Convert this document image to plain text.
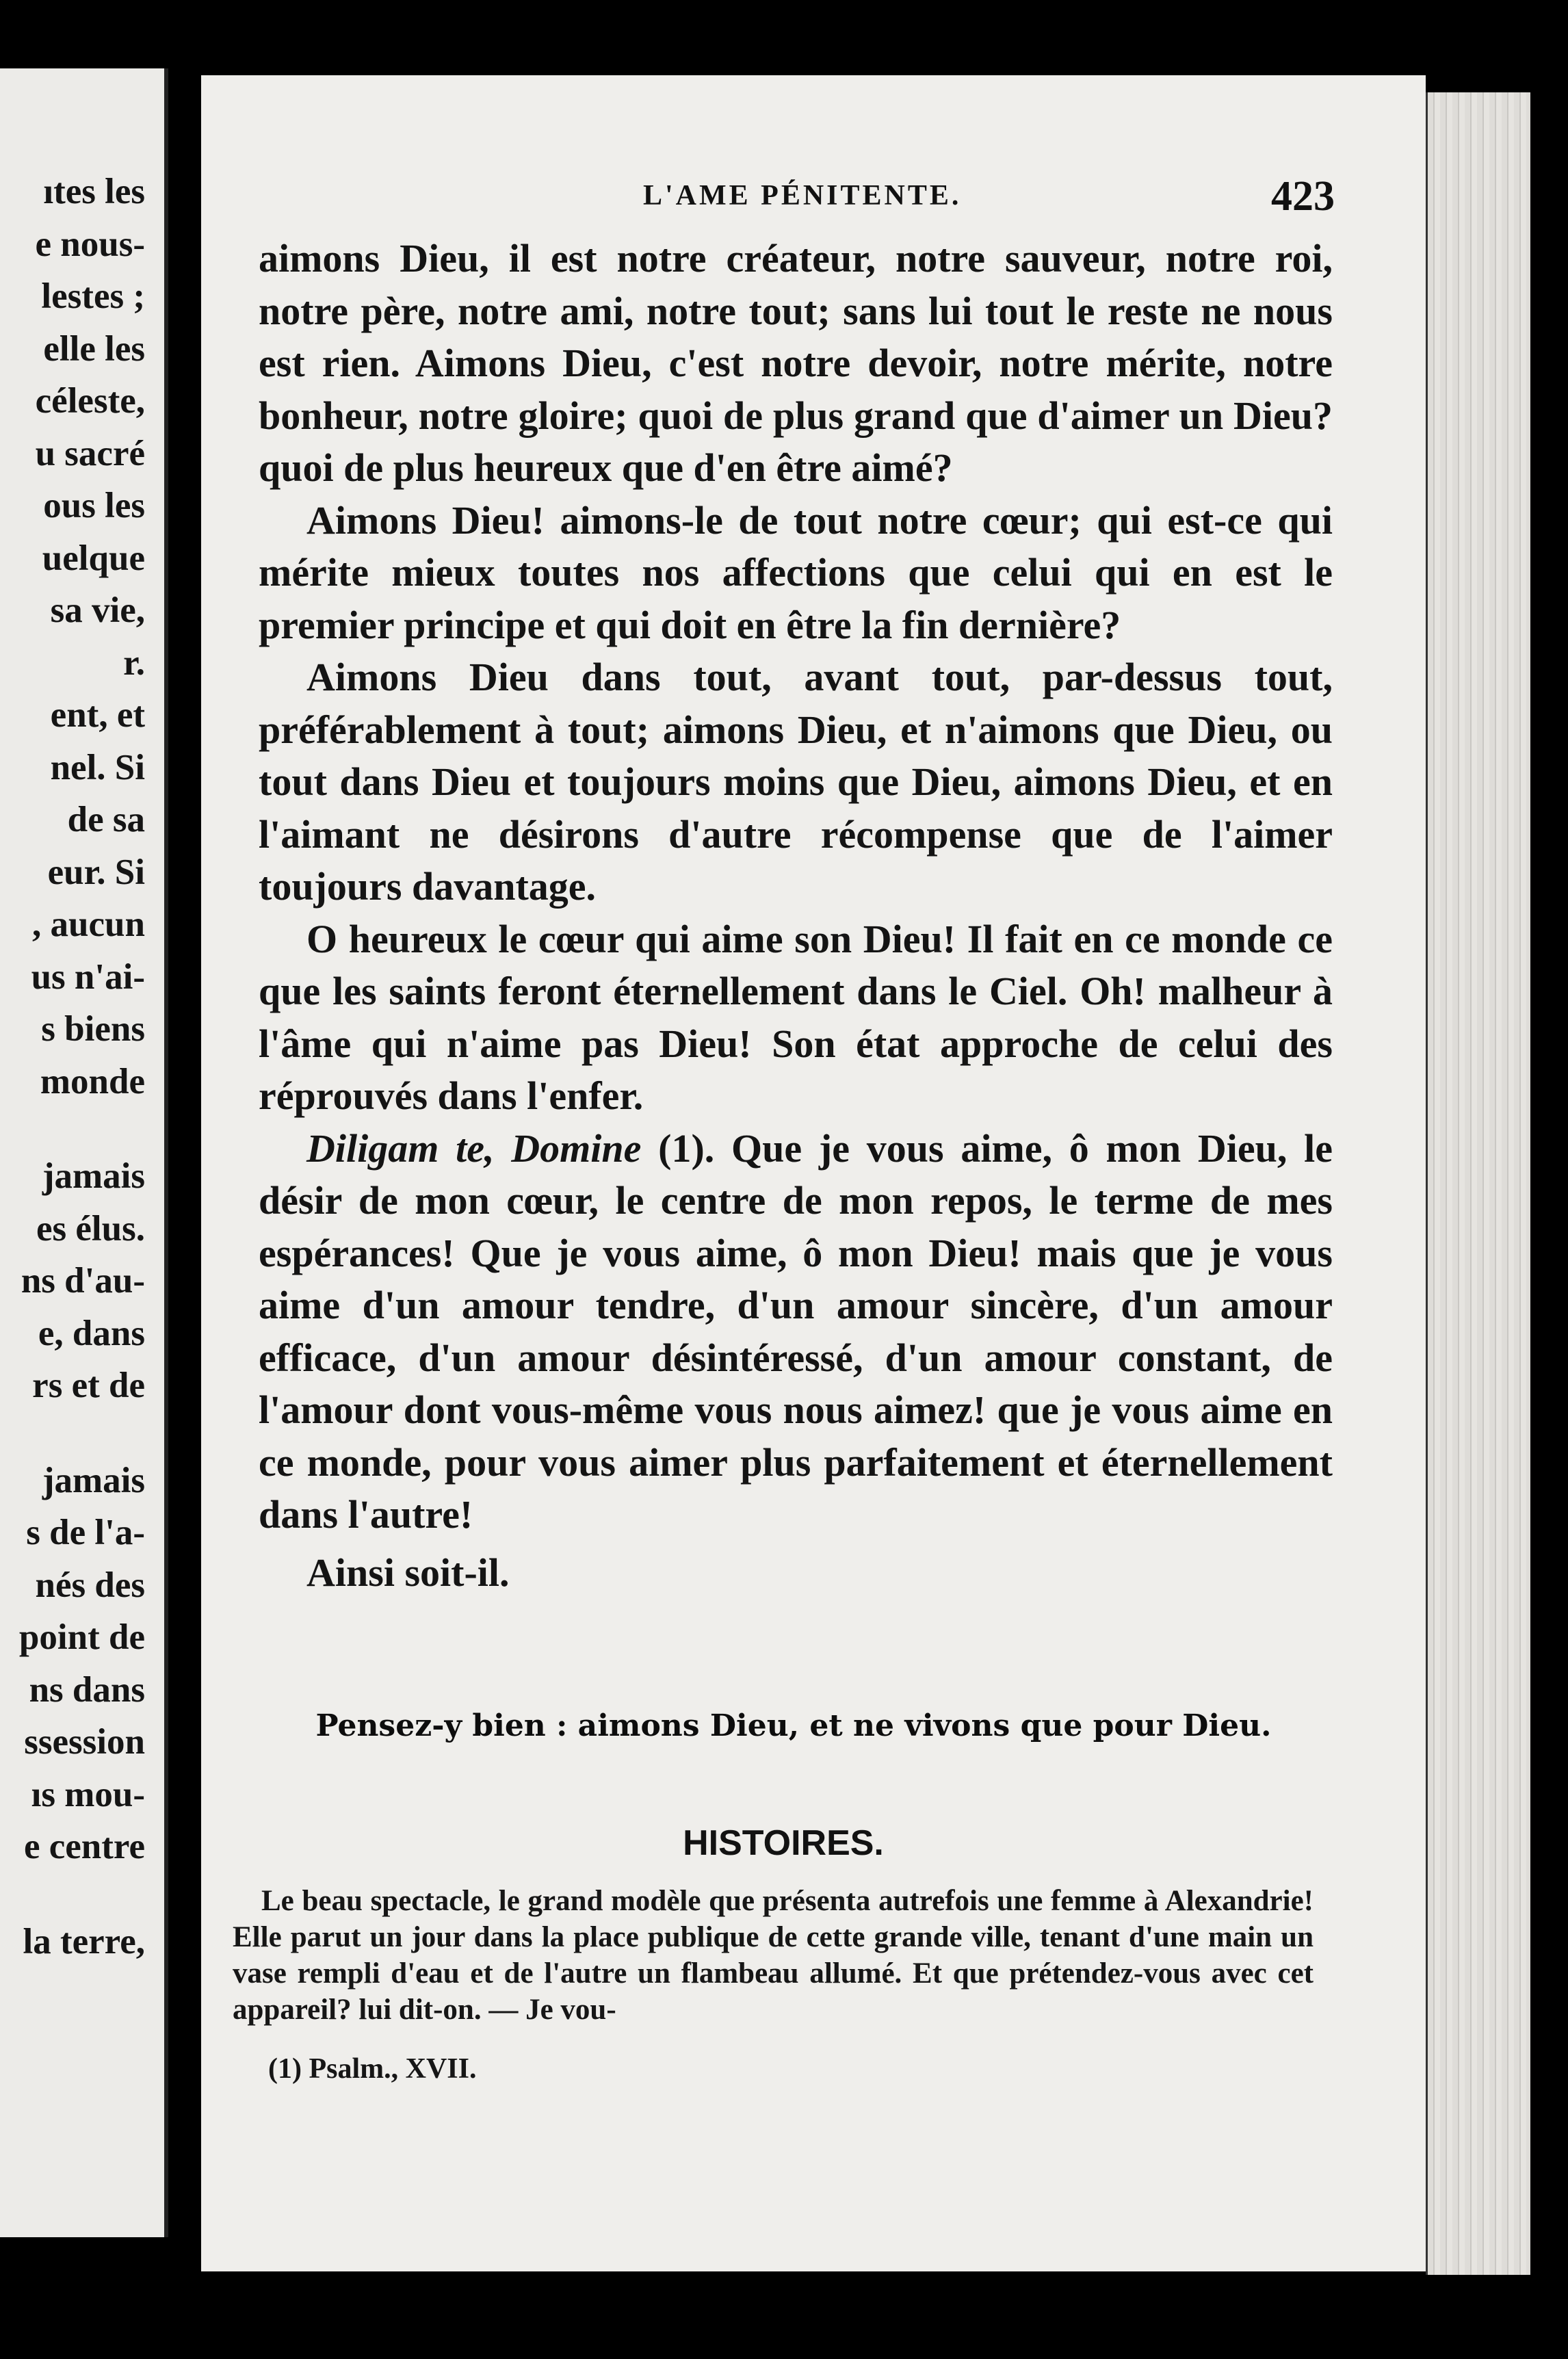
ıtes les
e nous-
lestes ;
elle les
céleste,
u sacré
ous les
uelque
sa vie,
r.
ent, et
nel. Si
de sa
eur. Si
, aucun
us n'ai-
s biens
monde
jamais
es élus.
ns d'au-
e, dans
rs et de
jamais
s de l'a-
nés des
point de
ns dans
ssession
ıs mou-
e centre
la terre,
L'AME PÉNITENTE.	423

aimons Dieu, il est notre créateur, notre sauveur, notre roi, notre père, notre ami, notre tout; sans lui tout le reste ne nous est rien. Aimons Dieu, c'est notre devoir, notre mérite, notre bonheur, notre gloire; quoi de plus grand que d'aimer un Dieu? quoi de plus heureux que d'en être aimé?

Aimons Dieu! aimons-le de tout notre cœur; qui est-ce qui mérite mieux toutes nos affections que celui qui en est le premier principe et qui doit en être la fin dernière?

Aimons Dieu dans tout, avant tout, par-dessus tout, préférablement à tout; aimons Dieu, et n'aimons que Dieu, ou tout dans Dieu et toujours moins que Dieu, aimons Dieu, et en l'aimant ne désirons d'autre récompense que de l'aimer toujours davantage.

O heureux le cœur qui aime son Dieu! Il fait en ce monde ce que les saints feront éternellement dans le Ciel. Oh! malheur à l'âme qui n'aime pas Dieu! Son état approche de celui des réprouvés dans l'enfer.

Diligam te, Domine (1). Que je vous aime, ô mon Dieu, le désir de mon cœur, le centre de mon repos, le terme de mes espérances! Que je vous aime, ô mon Dieu! mais que je vous aime d'un amour tendre, d'un amour sincère, d'un amour efficace, d'un amour désintéressé, d'un amour constant, de l'amour dont vous-même vous nous aimez! que je vous aime en ce monde, pour vous aimer plus parfaitement et éternellement dans l'autre!

Ainsi soit-il.

Pensez-y bien : aimons Dieu, et ne vivons que pour Dieu.
HISTOIRES.
Le beau spectacle, le grand modèle que présenta autrefois une femme à Alexandrie! Elle parut un jour dans la place publique de cette grande ville, tenant d'une main un vase rempli d'eau et de l'autre un flambeau allumé. Et que prétendez-vous avec cet appareil? lui dit-on. — Je vou-
(1) Psalm., XVII.
